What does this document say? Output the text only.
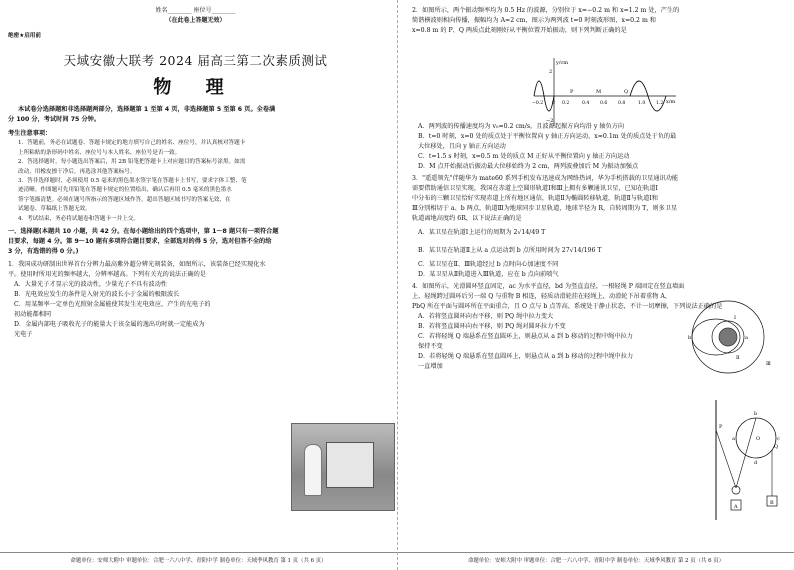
姓名________ 座位号________
（在此卷上答题无效）
绝密★启用前
天域安徽大联考 2024 届高三第二次素质测试
物 理
本试卷分选择题和非选择题两部分，选择题第 1 至第 4 页，非选择题第 5 至第 6 页。全卷满
分 100 分，考试时间 75 分钟。
考生注意事项：
1．答题前，务必在试题卷、答题卡规定的地方填写自己的姓名、座位号，并认真核对答题卡
上所粘贴的条形码中姓名、座位号与本人姓名、座位号是否一致。
2．答选择题时，每小题选出答案后，用 2B 铅笔把答题卡上对应题目的答案标号涂黑。如需
改动，用橡皮擦干净后，再选涂其他答案标号。
3．答非选择题时，必须使用 0.5 毫米的黑色墨水签字笔在答题卡上书写，要求字体工整、笔
迹清晰。作图题可先用铅笔在答题卡规定的位置绘出，确认后再用 0.5 毫米的黑色墨水
签字笔描清楚。必须在题号所指示的答题区域作答，超出答题区域书写的答案无效，在
试题卷、草稿纸上答题无效。
4．考试结束，务必将试题卷和答题卡一并上交。
一、选择题(本题共 10 小题，共 42 分。在每小题给出的四个选项中，第 1～8 题只有一项符合题
目要求，每题 4 分。第 9～10 题有多项符合题目要求，全部选对的得 5 分，选对但答不全的给
3 分，有选错的得 0 分。)
1．我国成功研制出世界首台分辨力最高紫外超分辨光刻装备，如图所示，该装备已经实现化水
平。使用时所用光的频率越大，分辨率越高。下列有关光的说法正确的是
A．大量光子才显示光的波动性，少量光子不具有波动性
B．光电效应发生的条件是入射光的波长小于金属的极限波长
C．用某频率一定单色光照射金属能使其发生光电效应，产生的光电子的
初动能都相同
D．金属内部电子吸收光子的能量大于该金属的逸出功时就一定能成为
光电子
命题单位：安师大附中 审题单位：合肥一六八中学、青阳中学 制卷单位：天域季风教育 第 1 页（共 6 页）
2．如图所示，两个振动频率均为 0.5 Hz 的波源，分别位于 x=−0.2 m 和 x=1.2 m 处，产生的
简谐横波则相向传播，振幅均为 A=2 cm，图示为两列波 t=0 时刻波形图，x=0.2 m 和
x=0.8 m 的 P、Q 两质点此刻刚好从平衡位置开始振动，则下列判断正确的是
A．两列波的传播速度均为 v₀=0.2 cm/s，且波源起振方向均沿 y 轴负方向
B．t=0 时刻，x=0 处的质点处于平衡位置向 y 轴正方向运动，x=0.1m 处的质点处于负的最
大位移处，且向 y 轴正方向运动
C．t=1.5 s 时刻，x=0.5 m 处的质点 M 正好从平衡位置向 y 轴正方向运动
D．M 点开始振动后振动最大位移始终为 2 cm，两列波叠加后 M 为振动加强点
3．"遥遥领先"伴随华为 mate60 系列手机发布迅速成为网络热词，华为手机搭载的卫星通讯功能
需要借助通信卫星实现，我国在赤道上空圆形轨道Ⅰ和Ⅲ上拥有多颗通讯卫星，已知在轨道Ⅰ
中分布的三颗卫星恰好实现赤道上所有地区通信，轨道Ⅱ为椭圆转移轨道，轨道Ⅱ与轨道Ⅰ和
Ⅲ分别相切于 a、b 两点，轨道Ⅲ为地球同步卫星轨道，地球半径为 R，自转周期为 T，则多卫星
轨道离地高度约 6R，以下说法正确的是
A．某卫星在轨道Ⅰ上运行的周期为 2√14/49 T
B．某卫星在轨道Ⅱ上从 a 点运动到 b 点所用时间为 27√14/196 T
C．某卫星在Ⅱ、Ⅲ轨道经过 b 点时向心加速度不同
D．某卫星从Ⅱ轨道进入Ⅲ轨道，应在 b 点向前喷气
4．如图所示，光滑圆环竖直固定，ac 为水平直径，bd 为竖直直径，一根轻绳 P 端固定在竖直墙面
上，轻绳跨过圆环后另一端 Q 与重物 B 相连，轻质动滑轮挂在轻绳上，动滑轮下吊着重物 A，
PbQ 所在平面与圆环所在平面重合，且 O 点与 b 点等高，系统处于静止状态，不计一切摩擦，下列说法正确的是
A．若将竖直圆环向右平移，则 PQ 绳中拉力变大
B．若将竖直圆环向右平移，则 PQ 绳对圆环拉力不变
C．若将轻绳 Q 端悬系在竖直圆环上，则悬点从 a 到 b 移动的过程中绳中拉力
保持不变
D．若将轻绳 Q 端悬系在竖直圆环上，则悬点从 a 到 b 移动的过程中绳中拉力
一直增加
命题单位：安师大附中 审题单位：合肥一六八中学、青阳中学 制卷单位：天域季风教育 第 2 页（共 6 页）
y/cm
x/m
2
−2
−0.2 0 0.2	0.4 0.6 0.8	1.0 1.2
P	M	Q
Ⅰ
Ⅱ
Ⅲ
a
b
P
Q
A
B
a
b
c
d
O
